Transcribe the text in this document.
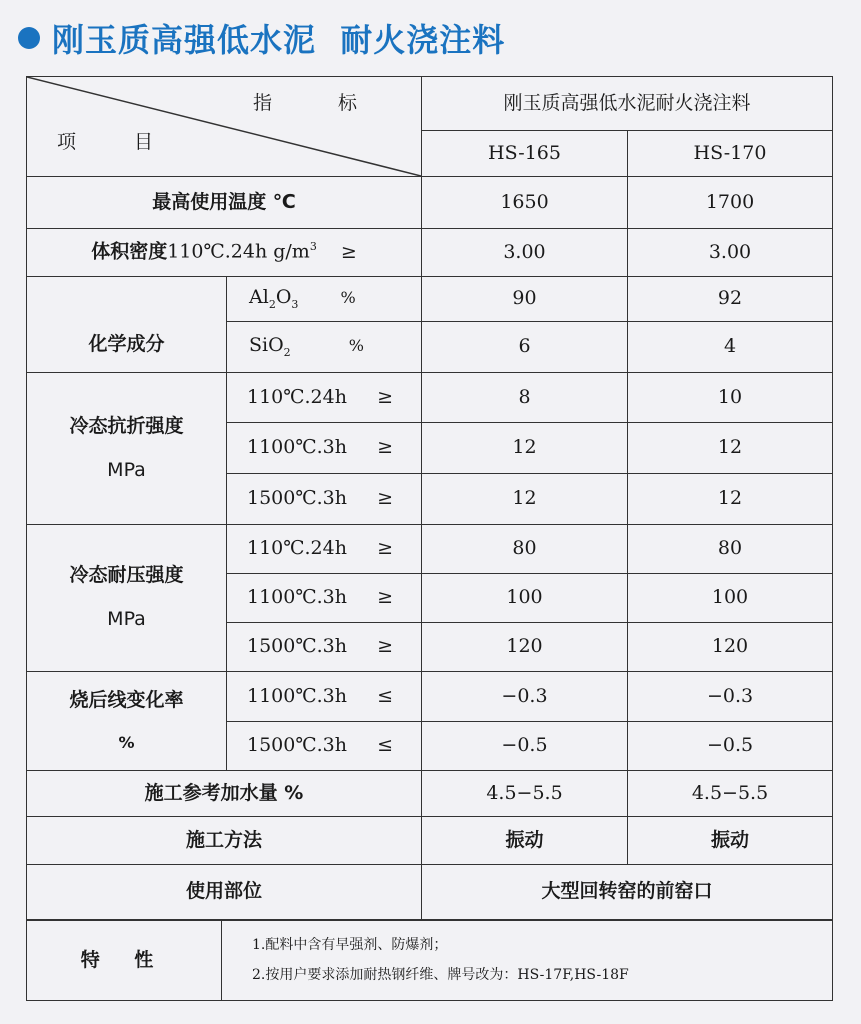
刚玉质高强低水泥  耐火浇注料
指 标
项 目		刚玉质高强低水泥耐火浇注料	
		HS-165	HS-170
最高使用温度 ℃		1650	1700
体积密度110℃.24h $g/m^3$ ≥		3.00	3.00

化学成分	$Al_2O_3$ %	90	92
	SiO$_2$ %	6	4
冷态抗折强度
MPa	110℃.24h ≥	8	10
	1100℃.3h ≥	12	12
	1500℃.3h ≥	12	12
冷态耐压强度
MPa	110℃.24h ≥	80	80
	1100℃.3h ≥	100	100
	1500℃.3h ≥	120	120
烧后线变化率
%	1100℃.3h ≤	−0.3	−0.3
	1500℃.3h ≤	−0.5	−0.5
施工参考加水量 %		4.5−5.5	4.5−5.5
施工方法		振动	振动
使用部位		大型回转窑的前窑口	
特 性	
1.配料中含有早强剂、防爆剂；
2.按用户要求添加耐热钢纤维、牌号改为：HS-17F,HS-18F
